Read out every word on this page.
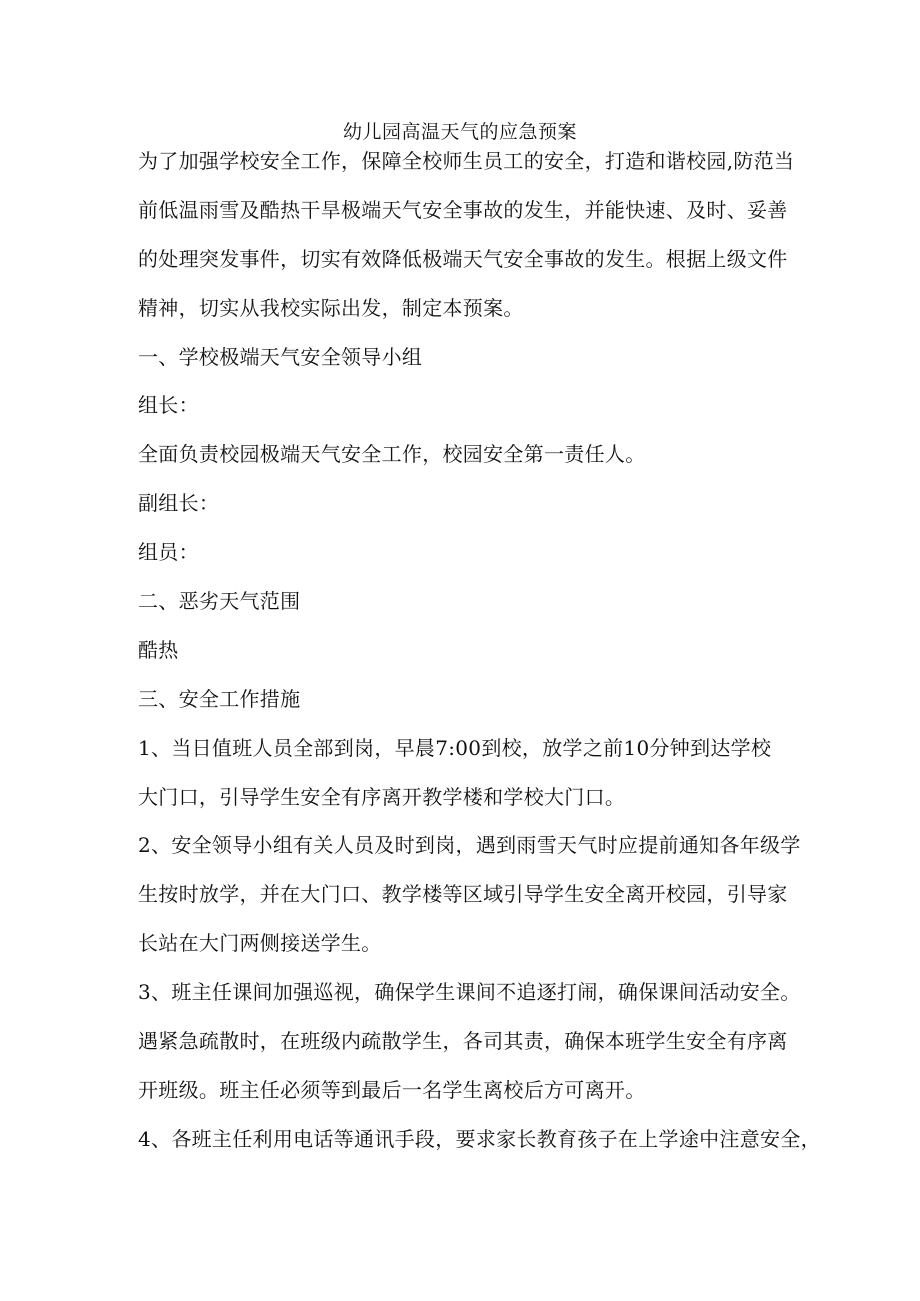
幼儿园高温天气的应急预案
为了加强学校安全工作，保障全校师生员工的安全，打造和谐校园,防范当
前低温雨雪及酷热干旱极端天气安全事故的发生，并能快速、及时、妥善
的处理突发事件，切实有效降低极端天气安全事故的发生。根据上级文件
精神，切实从我校实际出发，制定本预案。
一、学校极端天气安全领导小组
组长：
全面负责校园极端天气安全工作，校园安全第一责任人。
副组长：
组员：
二、恶劣天气范围
酷热
三、安全工作措施
1、当日值班人员全部到岗，早晨7:00到校，放学之前10分钟到达学校
大门口，引导学生安全有序离开教学楼和学校大门口。
2、安全领导小组有关人员及时到岗，遇到雨雪天气时应提前通知各年级学
生按时放学，并在大门口、教学楼等区域引导学生安全离开校园，引导家
长站在大门两侧接送学生。
3、班主任课间加强巡视，确保学生课间不追逐打闹，确保课间活动安全。
遇紧急疏散时，在班级内疏散学生，各司其责，确保本班学生安全有序离
开班级。班主任必须等到最后一名学生离校后方可离开。
4、各班主任利用电话等通讯手段，要求家长教育孩子在上学途中注意安全，
